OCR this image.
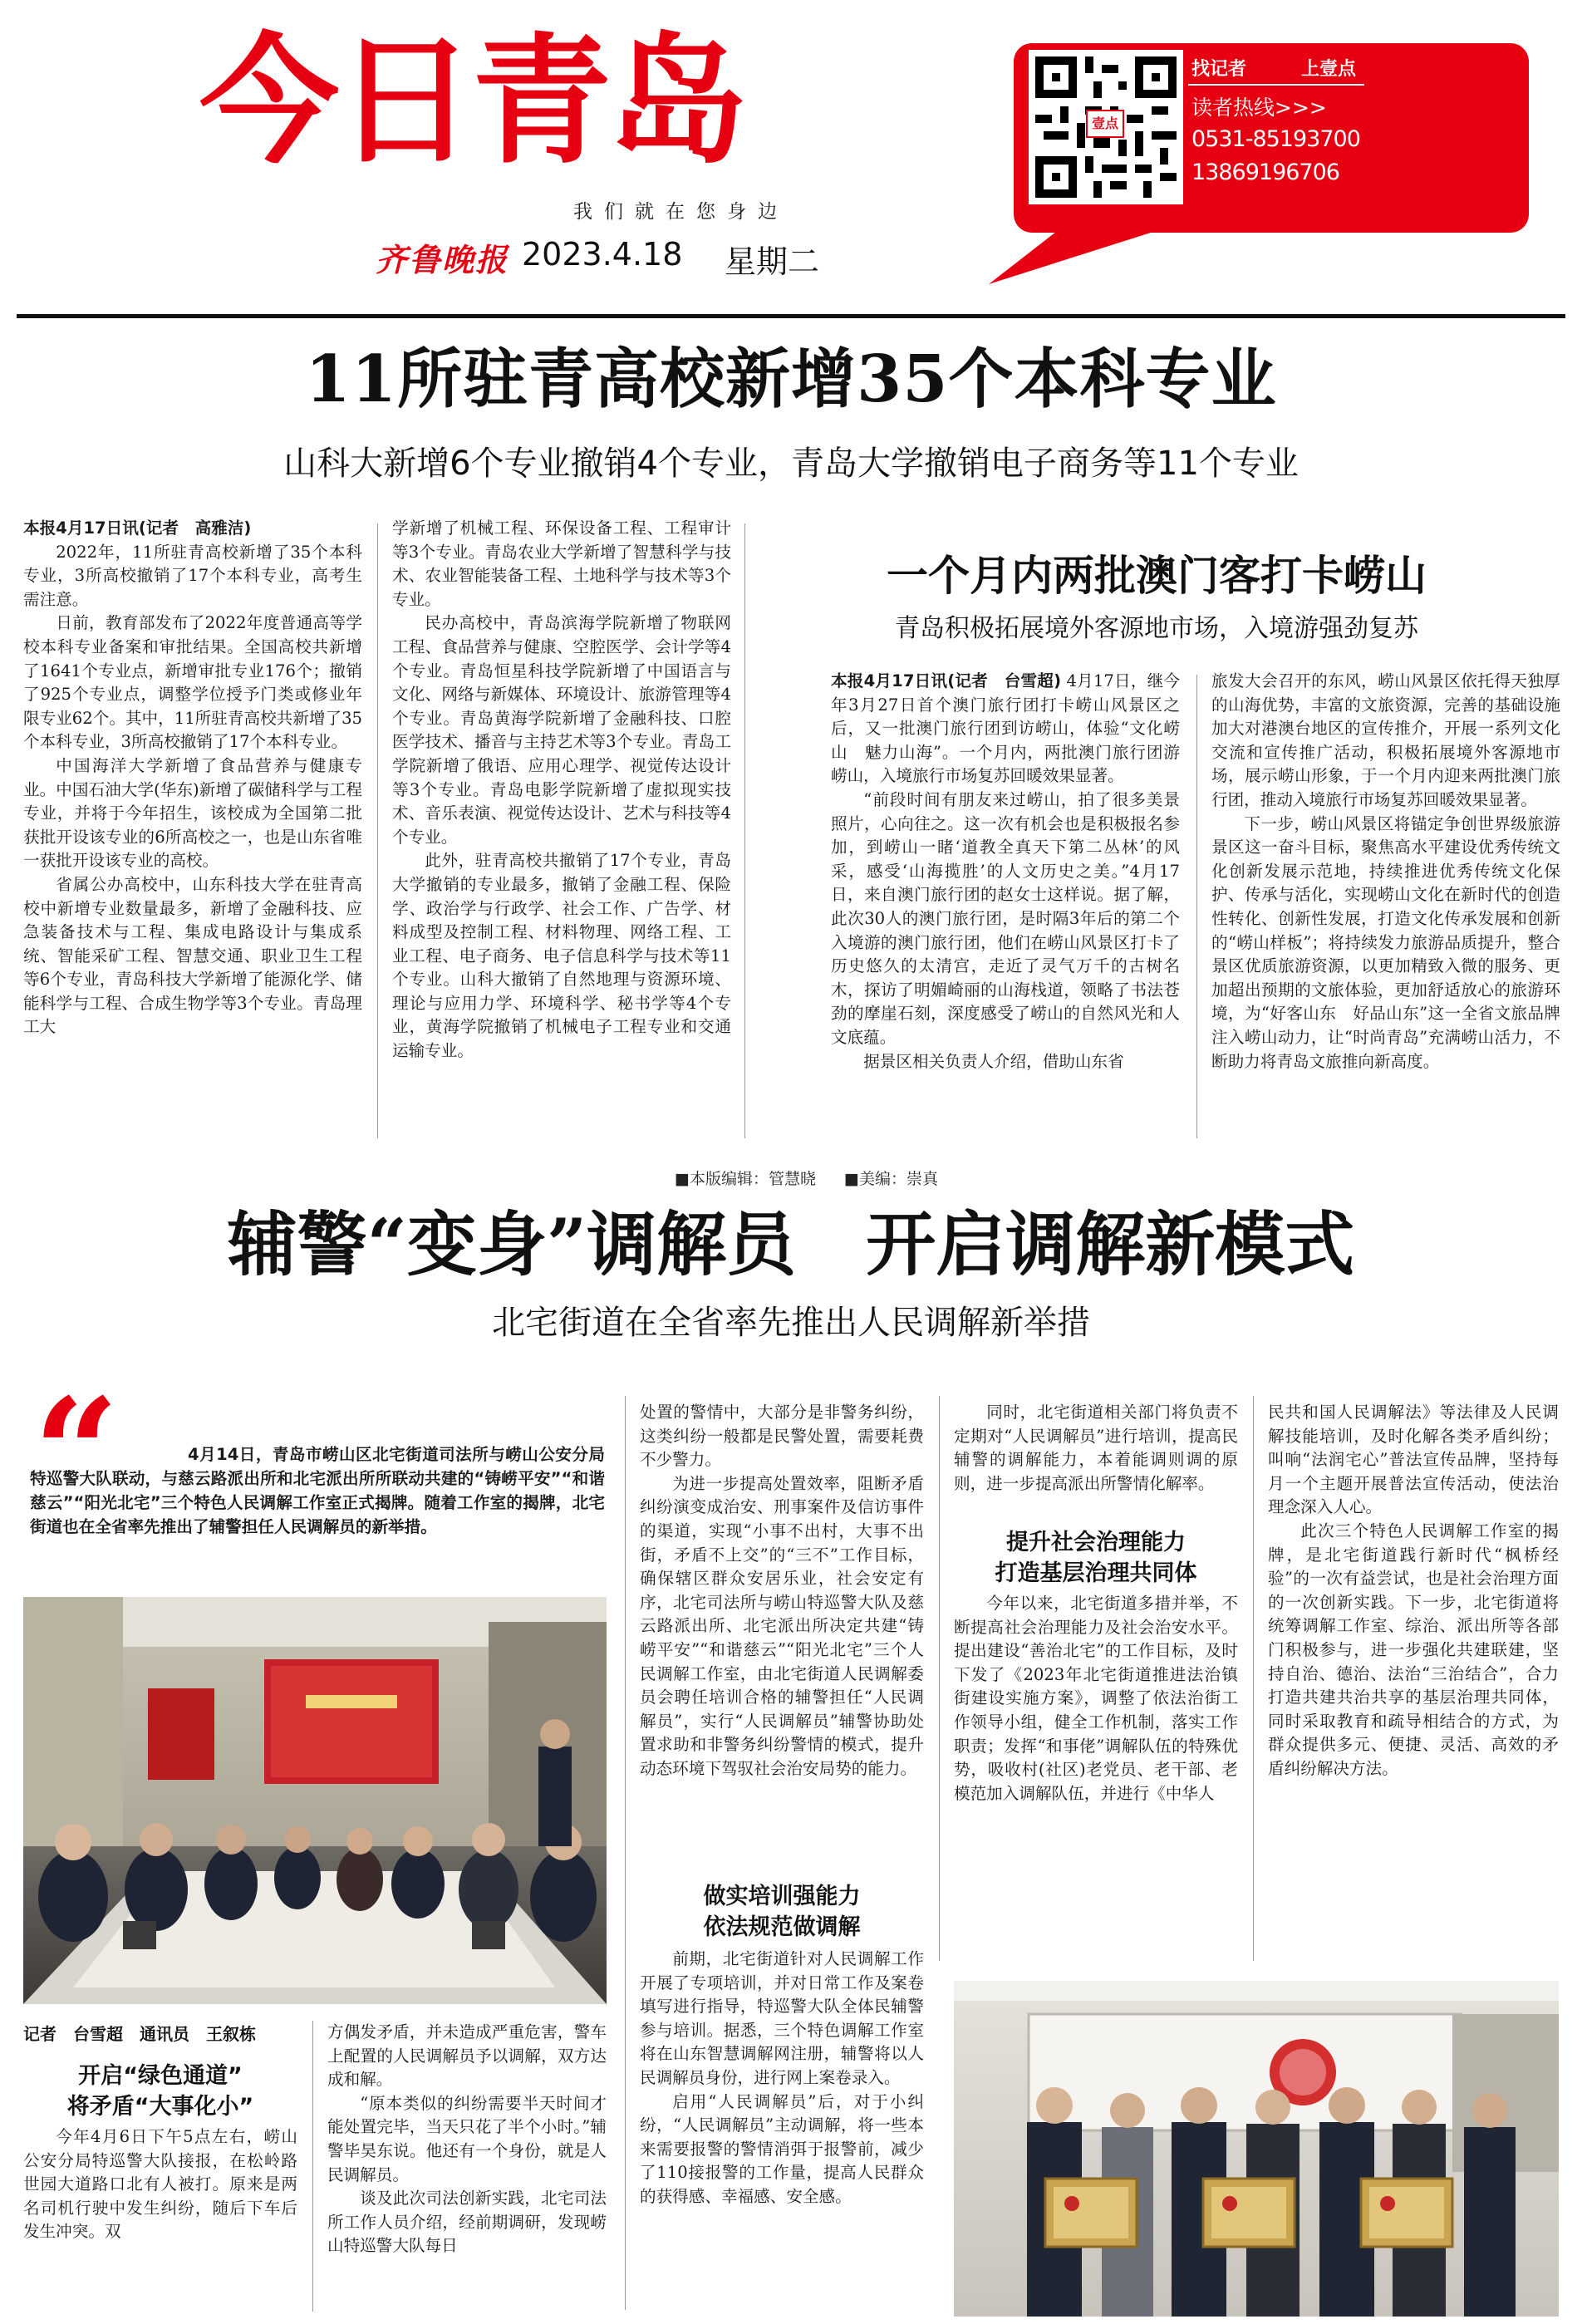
今日青岛
我们就在您身边
齐鲁晚报 2023.4.18 星期二
壹点
找记者	上壹点
读者热线>>>
0531-85193700
13869196706
11所驻青高校新增35个本科专业
山科大新增6个专业撤销4个专业，青岛大学撤销电子商务等11个专业

本报4月17日讯(记者　高雅洁)

2022年，11所驻青高校新增了35个本科专业，3所高校撤销了17个本科专业，高考生需注意。

日前，教育部发布了2022年度普通高等学校本科专业备案和审批结果。全国高校共新增了1641个专业点，新增审批专业176个；撤销了925个专业点，调整学位授予门类或修业年限专业62个。其中，11所驻青高校共新增了35个本科专业，3所高校撤销了17个本科专业。

中国海洋大学新增了食品营养与健康专业。中国石油大学(华东)新增了碳储科学与工程专业，并将于今年招生，该校成为全国第二批获批开设该专业的6所高校之一，也是山东省唯一获批开设该专业的高校。

省属公办高校中，山东科技大学在驻青高校中新增专业数量最多，新增了金融科技、应急装备技术与工程、集成电路设计与集成系统、智能采矿工程、智慧交通、职业卫生工程等6个专业，青岛科技大学新增了能源化学、储能科学与工程、合成生物学等3个专业。青岛理工大

学新增了机械工程、环保设备工程、工程审计等3个专业。青岛农业大学新增了智慧科学与技术、农业智能装备工程、土地科学与技术等3个专业。

民办高校中，青岛滨海学院新增了物联网工程、食品营养与健康、空腔医学、会计学等4个专业。青岛恒星科技学院新增了中国语言与文化、网络与新媒体、环境设计、旅游管理等4个专业。青岛黄海学院新增了金融科技、口腔医学技术、播音与主持艺术等3个专业。青岛工学院新增了俄语、应用心理学、视觉传达设计等3个专业。青岛电影学院新增了虚拟现实技术、音乐表演、视觉传达设计、艺术与科技等4个专业。

此外，驻青高校共撤销了17个专业，青岛大学撤销的专业最多，撤销了金融工程、保险学、政治学与行政学、社会工作、广告学、材料成型及控制工程、材料物理、网络工程、工业工程、电子商务、电子信息科学与技术等11个专业。山科大撤销了自然地理与资源环境、理论与应用力学、环境科学、秘书学等4个专业，黄海学院撤销了机械电子工程专业和交通运输专业。

一个月内两批澳门客打卡崂山
青岛积极拓展境外客源地市场，入境游强劲复苏

本报4月17日讯(记者　台雪超) 4月17日，继今年3月27日首个澳门旅行团打卡崂山风景区之后，又一批澳门旅行团到访崂山，体验“文化崂山　魅力山海”。一个月内，两批澳门旅行团游崂山，入境旅行市场复苏回暖效果显著。

“前段时间有朋友来过崂山，拍了很多美景照片，心向往之。这一次有机会也是积极报名参加，到崂山一睹‘道教全真天下第二丛林’的风采，感受‘山海揽胜’的人文历史之美。”4月17日，来自澳门旅行团的赵女士这样说。据了解，此次30人的澳门旅行团，是时隔3年后的第二个入境游的澳门旅行团，他们在崂山风景区打卡了历史悠久的太清宫，走近了灵气万千的古树名木，探访了明媚崎丽的山海栈道，领略了书法苍劲的摩崖石刻，深度感受了崂山的自然风光和人文底蕴。

据景区相关负责人介绍，借助山东省

旅发大会召开的东风，崂山风景区依托得天独厚的山海优势，丰富的文旅资源，完善的基础设施加大对港澳台地区的宣传推介，开展一系列文化交流和宣传推广活动，积极拓展境外客源地市场，展示崂山形象，于一个月内迎来两批澳门旅行团，推动入境旅行市场复苏回暖效果显著。

下一步，崂山风景区将锚定争创世界级旅游景区这一奋斗目标，聚焦高水平建设优秀传统文化创新发展示范地，持续推进优秀传统文化保护、传承与活化，实现崂山文化在新时代的创造性转化、创新性发展，打造文化传承发展和创新的“崂山样板”；将持续发力旅游品质提升，整合景区优质旅游资源，以更加精致入微的服务、更加超出预期的文旅体验，更加舒适放心的旅游环境，为“好客山东　好品山东”这一全省文旅品牌注入崂山动力，让“时尚青岛”充满崂山活力，不断助力将青岛文旅推向新高度。

■本版编辑：管慧晓 ■美编：崇真
辅警“变身”调解员　开启调解新模式
北宅街道在全省率先推出人民调解新举措
“	4月14日，青岛市崂山区北宅街道司法所与崂山公安分局特巡警大队联动，与慈云路派出所和北宅派出所所联动共建的“铸崂平安”“和谐慈云”“阳光北宅”三个特色人民调解工作室正式揭牌。随着工作室的揭牌，北宅街道也在全省率先推出了辅警担任人民调解员的新举措。

记者　台雪超　通讯员　王叙栋
开启“绿色通道”
将矛盾“大事化小”

今年4月6日下午5点左右，崂山公安分局特巡警大队接报，在松岭路世园大道路口北有人被打。原来是两名司机行驶中发生纠纷，随后下车后发生冲突。双

方偶发矛盾，并未造成严重危害，警车上配置的人民调解员予以调解，双方达成和解。

“原本类似的纠纷需要半天时间才能处置完毕，当天只花了半个小时。”辅警毕昊东说。他还有一个身份，就是人民调解员。

谈及此次司法创新实践，北宅司法所工作人员介绍，经前期调研，发现崂山特巡警大队每日

处置的警情中，大部分是非警务纠纷，这类纠纷一般都是民警处置，需要耗费不少警力。

为进一步提高处置效率，阻断矛盾纠纷演变成治安、刑事案件及信访事件的渠道，实现“小事不出村，大事不出街，矛盾不上交”的“三不”工作目标，确保辖区群众安居乐业，社会安定有序，北宅司法所与崂山特巡警大队及慈云路派出所、北宅派出所决定共建“铸崂平安”“和谐慈云”“阳光北宅”三个人民调解工作室，由北宅街道人民调解委员会聘任培训合格的辅警担任“人民调解员”，实行“人民调解员”辅警协助处置求助和非警务纠纷警情的模式，提升动态环境下驾驭社会治安局势的能力。

做实培训强能力
依法规范做调解

前期，北宅街道针对人民调解工作开展了专项培训，并对日常工作及案卷填写进行指导，特巡警大队全体民辅警参与培训。据悉，三个特色调解工作室将在山东智慧调解网注册，辅警将以人民调解员身份，进行网上案卷录入。

启用“人民调解员”后，对于小纠纷，“人民调解员”主动调解，将一些本来需要报警的警情消弭于报警前，减少了110接报警的工作量，提高人民群众的获得感、幸福感、安全感。

同时，北宅街道相关部门将负责不定期对“人民调解员”进行培训，提高民辅警的调解能力，本着能调则调的原则，进一步提高派出所警情化解率。

提升社会治理能力
打造基层治理共同体

今年以来，北宅街道多措并举，不断提高社会治理能力及社会治安水平。提出建设“善治北宅”的工作目标，及时下发了《2023年北宅街道推进法治镇街建设实施方案》，调整了依法治街工作领导小组，健全工作机制，落实工作职责；发挥“和事佬”调解队伍的特殊优势，吸收村(社区)老党员、老干部、老模范加入调解队伍，并进行《中华人

民共和国人民调解法》等法律及人民调解技能培训，及时化解各类矛盾纠纷；叫响“法润宅心”普法宣传品牌，坚持每月一个主题开展普法宣传活动，使法治理念深入人心。

此次三个特色人民调解工作室的揭牌，是北宅街道践行新时代“枫桥经验”的一次有益尝试，也是社会治理方面的一次创新实践。下一步，北宅街道将统筹调解工作室、综治、派出所等各部门积极参与，进一步强化共建联建，坚持自治、德治、法治“三治结合”，合力打造共建共治共享的基层治理共同体，同时采取教育和疏导相结合的方式，为群众提供多元、便捷、灵活、高效的矛盾纠纷解决方法。
